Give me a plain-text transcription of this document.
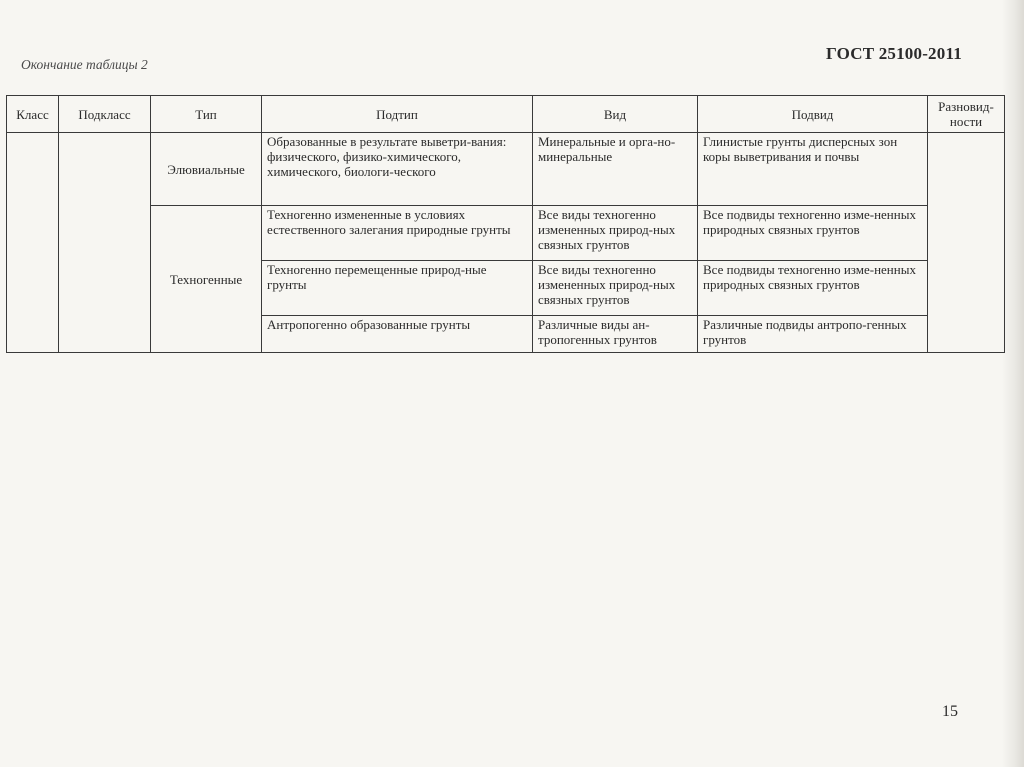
Окончание таблицы 2
ГОСТ 25100-2011
Класс	Подкласс	Тип	Подтип	Вид	Подвид	Разновид-ности
		Элювиальные	Образованные в результате выветри-вания: физического, физико-химического, химического, биологи-ческого	Минеральные и орга-но-минеральные	Глинистые грунты дисперсных зон коры выветривания и почвы	
		Техногенные	Техногенно измененные в условиях естественного залегания природные грунты	Все виды техногенно измененных природ-ных связных грунтов	Все подвиды техногенно изме-ненных природных связных грунтов	
			Техногенно перемещенные природ-ные грунты	Все виды техногенно измененных природ-ных связных грунтов	Все подвиды техногенно изме-ненных природных связных грунтов	
			Антропогенно образованные грунты	Различные виды ан-тропогенных грунтов	Различные подвиды антропо-генных грунтов	
15
